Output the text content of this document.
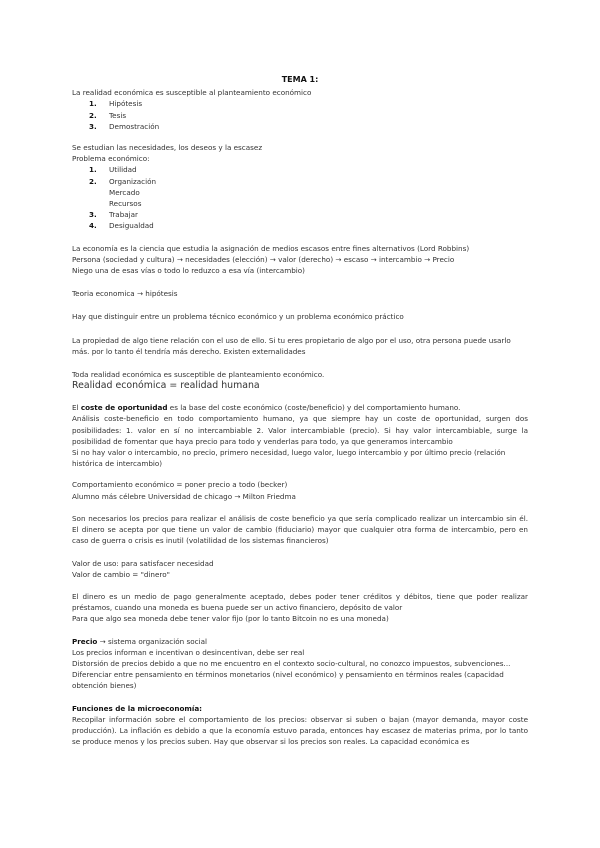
TEMA 1:

La realidad económica es susceptible al planteamiento económico

1. Hipótesis
2. Tesis
3. Demostración

Se estudian las necesidades, los deseos y la escasez

Problema económico:

1. Utilidad
2. Organización
Mercado
Recursos
3. Trabajar
4. Desigualdad

La economía es la ciencia que estudia la asignación de medios escasos entre fines alternativos (Lord Robbins)

Persona (sociedad y cultura) → necesidades (elección) → valor (derecho) → escaso → intercambio → Precio

Niego una de esas vías o todo lo reduzco a esa vía (intercambio)

Teoria economica → hipótesis

Hay que distinguir entre un problema técnico económico y un problema económico práctico

La propiedad de algo tiene relación con el uso de ello. Si tu eres propietario de algo por el uso, otra persona puede usarlo más. por lo tanto él tendría más derecho. Existen externalidades

Toda realidad económica es susceptible de planteamiento económico.

Realidad económica = realidad humana

El coste de oportunidad es la base del coste económico (coste/beneficio) y del comportamiento humano.

Análisis coste-beneficio en todo comportamiento humano, ya que siempre hay un coste de oportunidad, surgen dos posibilidades: 1. valor en sí no intercambiable 2. Valor intercambiable (precio). Si hay valor intercambiable, surge la posibilidad de fomentar que haya precio para todo y venderlas para todo, ya que generamos intercambio

Si no hay valor o intercambio, no precio, primero necesidad, luego valor, luego intercambio y por último precio (relación histórica de intercambio)

Comportamiento económico = poner precio a todo (becker)

Alumno más célebre Universidad de chicago → Milton Friedma

Son necesarios los precios para realizar el análisis de coste beneficio ya que sería complicado realizar un intercambio sin él. El dinero se acepta por que tiene un valor de cambio (fiduciario) mayor que cualquier otra forma de intercambio, pero en caso de guerra o crisis es inutil (volatilidad de los sistemas financieros)

Valor de uso: para satisfacer necesidad

Valor de cambio = "dinero"

El dinero es un medio de pago generalmente aceptado, debes poder tener créditos y débitos, tiene que poder realizar préstamos, cuando una moneda es buena puede ser un activo financiero, depósito de valor

Para que algo sea moneda debe tener valor fijo (por lo tanto Bitcoin no es una moneda)

Precio → sistema organización social

Los precios informan e incentivan o desincentivan, debe ser real

Distorsión de precios debido a que no me encuentro en el contexto socio-cultural, no conozco impuestos, subvenciones...

Diferenciar entre pensamiento en términos monetarios (nivel económico) y pensamiento en términos reales (capacidad obtención bienes)

Funciones de la microeconomía:

Recopilar información sobre el comportamiento de los precios: observar si suben o bajan (mayor demanda, mayor coste producción). La inflación es debido a que la economía estuvo parada, entonces hay escasez de materias prima, por lo tanto se produce menos y los precios suben. Hay que observar si los precios son reales. La capacidad económica es
